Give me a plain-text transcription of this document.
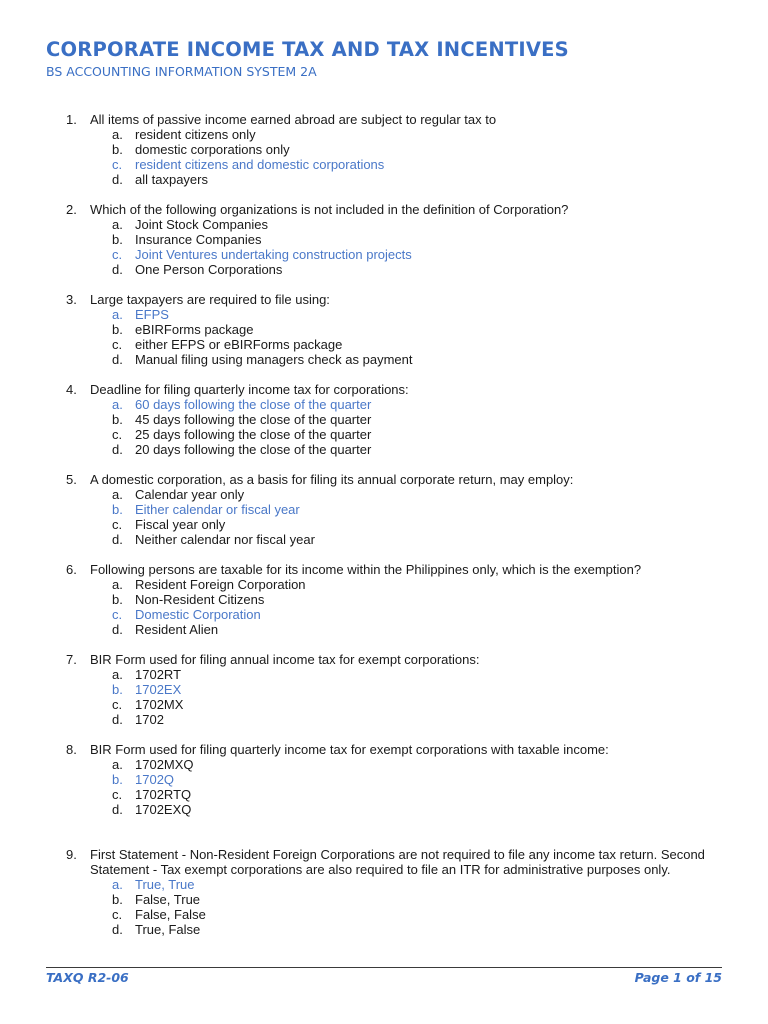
CORPORATE INCOME TAX AND TAX INCENTIVES
BS ACCOUNTING INFORMATION SYSTEM 2A
1. All items of passive income earned abroad are subject to regular tax to
a. resident citizens only
b. domestic corporations only
c. resident citizens and domestic corporations
d. all taxpayers
2. Which of the following organizations is not included in the definition of Corporation?
a. Joint Stock Companies
b. Insurance Companies
c. Joint Ventures undertaking construction projects
d. One Person Corporations
3. Large taxpayers are required to file using:
a. EFPS
b. eBIRForms package
c. either EFPS or eBIRForms package
d. Manual filing using managers check as payment
4. Deadline for filing quarterly income tax for corporations:
a. 60 days following the close of the quarter
b. 45 days following the close of the quarter
c. 25 days following the close of the quarter
d. 20 days following the close of the quarter
5. A domestic corporation, as a basis for filing its annual corporate return, may employ:
a. Calendar year only
b. Either calendar or fiscal year
c. Fiscal year only
d. Neither calendar nor fiscal year
6. Following persons are taxable for its income within the Philippines only, which is the exemption?
a. Resident Foreign Corporation
b. Non-Resident Citizens
c. Domestic Corporation
d. Resident Alien
7. BIR Form used for filing annual income tax for exempt corporations:
a. 1702RT
b. 1702EX
c. 1702MX
d. 1702
8. BIR Form used for filing quarterly income tax for exempt corporations with taxable income:
a. 1702MXQ
b. 1702Q
c. 1702RTQ
d. 1702EXQ
9. First Statement - Non-Resident Foreign Corporations are not required to file any income tax return. Second Statement - Tax exempt corporations are also required to file an ITR for administrative purposes only.
a. True, True
b. False, True
c. False, False
d. True, False
TAXQ R2-06	Page 1 of 15
